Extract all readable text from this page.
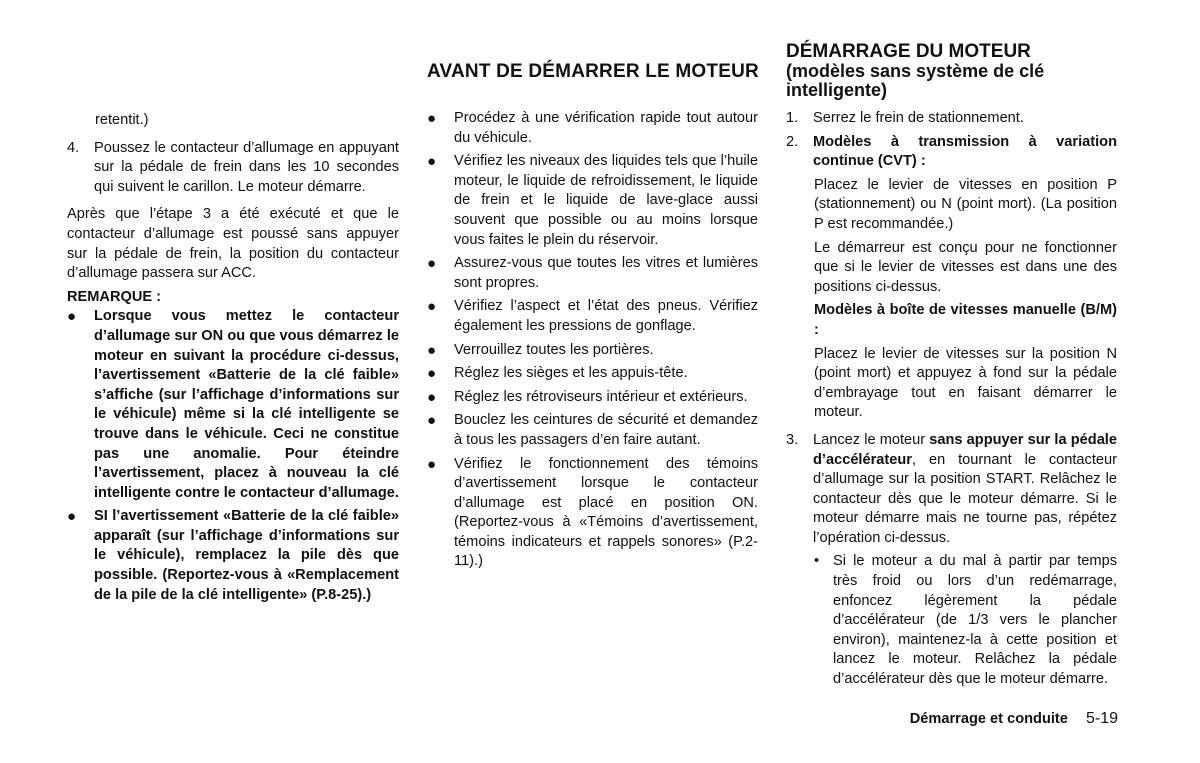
retentit.)

4.	Poussez le contacteur d’allumage en appuyant sur la pédale de frein dans les 10 secondes qui suivent le carillon. Le moteur démarre.

Après que l’étape 3 a été exécuté et que le contacteur d’allumage est poussé sans appuyer sur la pédale de frein, la position du contacteur d’allumage passera sur ACC.

REMARQUE :

●	Lorsque vous mettez le contacteur d’allumage sur ON ou que vous démarrez le moteur en suivant la procédure ci-dessus, l’avertissement «Batterie de la clé faible» s’affiche (sur l’affichage d’informations sur le véhicule) même si la clé intelligente se trouve dans le véhicule. Ceci ne constitue pas une anomalie. Pour éteindre l’avertissement, placez à nouveau la clé intelligente contre le contacteur d’allumage.
●	SI l’avertissement «Batterie de la clé faible» apparaît (sur l’affichage d’informations sur le véhicule), remplacez la pile dès que possible. (Reportez-vous à «Remplacement de la pile de la clé intelligente» (P.8-25).)
AVANT DE DÉMARRER LE MOTEUR
●	Procédez à une vérification rapide tout autour du véhicule.
●	Vérifiez les niveaux des liquides tels que l’huile moteur, le liquide de refroidissement, le liquide de frein et le liquide de lave-glace aussi souvent que possible ou au moins lorsque vous faites le plein du réservoir.
●	Assurez-vous que toutes les vitres et lumières sont propres.
●	Vérifiez l’aspect et l’état des pneus. Vérifiez également les pressions de gonflage.
●	Verrouillez toutes les portières.
●	Réglez les sièges et les appuis-tête.
●	Réglez les rétroviseurs intérieur et extérieurs.
●	Bouclez les ceintures de sécurité et demandez à tous les passagers d’en faire autant.
●	Vérifiez le fonctionnement des témoins d’avertissement lorsque le contacteur d’allumage est placé en position ON. (Reportez-vous à «Témoins d’avertissement, témoins indicateurs et rappels sonores» (P.2-11).)
DÉMARRAGE DU MOTEUR
(modèles sans système de clé intelligente)
1.	Serrez le frein de stationnement.
2.	Modèles à transmission à variation continue (CVT) :

Placez le levier de vitesses en position P (stationnement) ou N (point mort). (La position P est recommandée.)

Le démarreur est conçu pour ne fonctionner que si le levier de vitesses est dans une des positions ci-dessus.

Modèles à boîte de vitesses manuelle (B/M) :

Placez le levier de vitesses sur la position N (point mort) et appuyez à fond sur la pédale d’embrayage tout en faisant démarrer le moteur.

3.	Lancez le moteur sans appuyer sur la pédale d’accélérateur, en tournant le contacteur d’allumage sur la position START. Relâchez le contacteur dès que le moteur démarre. Si le moteur démarre mais ne tourne pas, répétez l’opération ci-dessus.
• Si le moteur a du mal à partir par temps très froid ou lors d’un redémarrage, enfoncez légèrement la pédale d’accélérateur (de 1/3 vers le plancher environ), maintenez-la à cette position et lancez le moteur. Relâchez la pédale d’accélérateur dès que le moteur démarre.
Démarrage et conduite 5-19
